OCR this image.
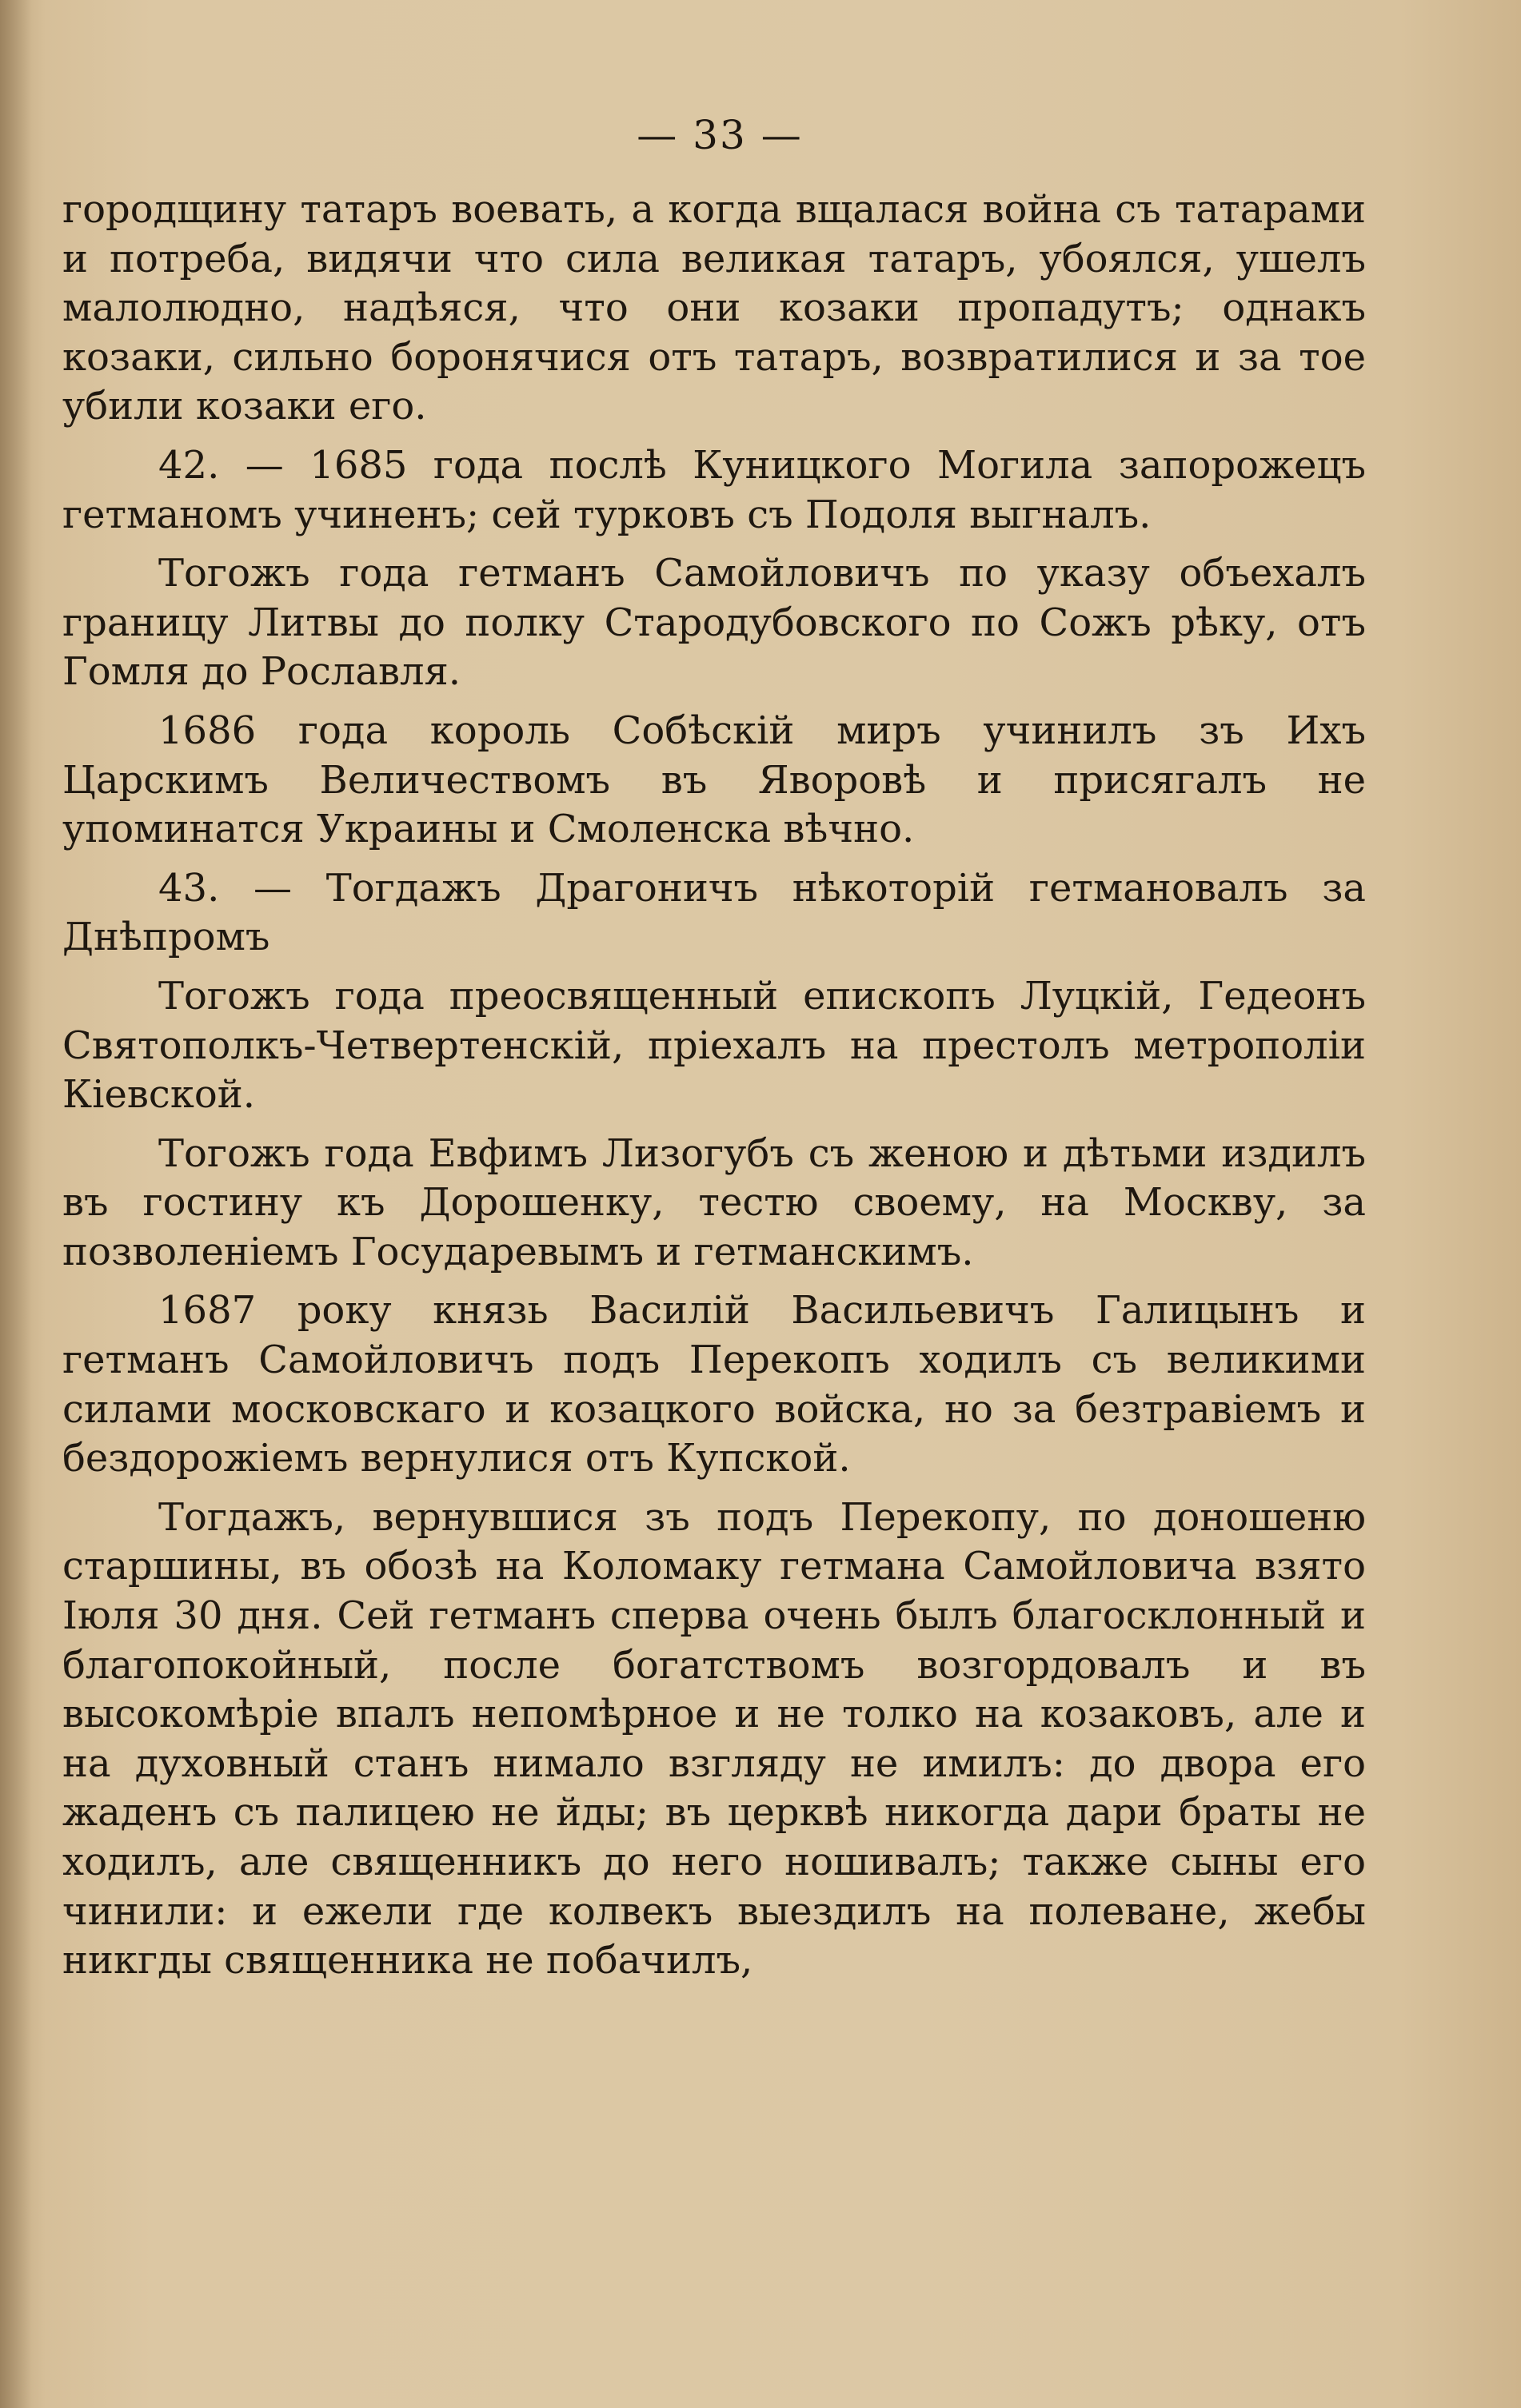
— 33 —

городщину татаръ воевать, а когда вщалася война съ татарами и потреба, видячи что сила великая татаръ, убоялся, ушелъ малолюдно, надѣяся, что они козаки пропадутъ; однакъ козаки, сильно боронячися отъ татаръ, возвратилися и за тое убили козаки его.

42. — 1685 года послѣ Куницкого Могила запорожецъ гетманомъ учиненъ; сей турковъ съ Подоля выгналъ.

Тогожъ года гетманъ Самойловичъ по указу объехалъ границу Литвы до полку Стародубовского по Сожъ рѣку, отъ Гомля до Рославля.

1686 года король Собѣскій миръ учинилъ зъ Ихъ Царскимъ Величествомъ въ Яворовѣ и присягалъ не упоминатся Украины и Смоленска вѣчно.

43. — Тогдажъ Драгоничъ нѣкоторій гетмановалъ за Днѣпромъ

Тогожъ года преосвященный епископъ Луцкій, Гедеонъ Святополкъ-Четвертенскій, пріехалъ на престолъ метрополіи Кіевской.

Тогожъ года Евфимъ Лизогубъ съ женою и дѣтьми издилъ въ гостину къ Дорошенку, тестю своему, на Москву, за позволеніемъ Государевымъ и гетманскимъ.

1687 року князь Василій Васильевичъ Галицынъ и гетманъ Самойловичъ подъ Перекопъ ходилъ съ великими силами московскаго и козацкого войска, но за безтравіемъ и бездорожіемъ вернулися отъ Купской.

Тогдажъ, вернувшися зъ подъ Перекопу, по доношеню старшины, въ обозѣ на Коломаку гетмана Самойловича взято Іюля 30 дня. Сей гетманъ сперва очень былъ благосклонный и благопокойный, после богатствомъ возгордовалъ и въ высокомѣріе впалъ непомѣрное и не толко на козаковъ, але и на духовный станъ нимало взгляду не имилъ: до двора его жаденъ съ палицею не йды; въ церквѣ никогда дари браты не ходилъ, але священникъ до него ношивалъ; также сыны его чинили: и ежели где колвекъ выездилъ на полеване, жебы никгды священника не побачилъ,
